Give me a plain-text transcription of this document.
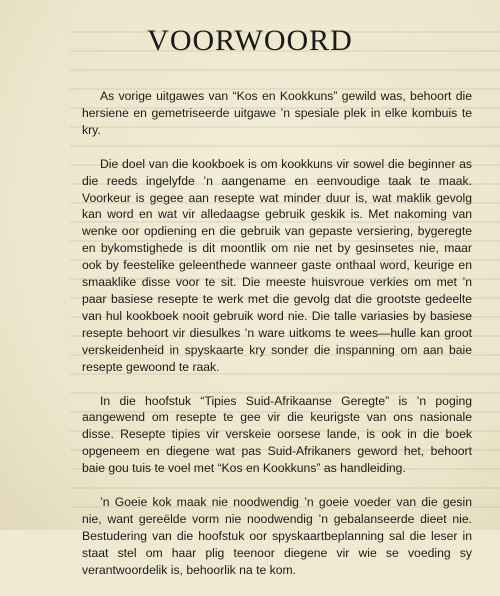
VOORWOORD

As vorige uitgawes van “Kos en Kookkuns” gewild was, behoort die hersiene en gemetriseerde uitgawe ’n spesiale plek in elke kombuis te kry.

Die doel van die kookboek is om kookkuns vir sowel die beginner as die reeds ingelyfde ’n aangename en eenvoudige taak te maak. Voorkeur is gegee aan resepte wat minder duur is, wat maklik gevolg kan word en wat vir alledaagse gebruik geskik is. Met nakoming van wenke oor opdiening en die gebruik van gepaste versiering, bygeregte en bykomstighede is dit moontlik om nie net by gesinsetes nie, maar ook by feestelike geleenthede wanneer gaste onthaal word, keurige en smaaklike disse voor te sit. Die meeste huisvroue verkies om met ’n paar basiese resepte te werk met die gevolg dat die grootste gedeelte van hul kookboek nooit gebruik word nie. Die talle variasies by basiese resepte behoort vir diesulkes ’n ware uitkoms te wees—hulle kan groot verskeidenheid in spyskaarte kry sonder die inspanning om aan baie resepte gewoond te raak.

In die hoofstuk “Tipies Suid-Afrikaanse Geregte” is ’n poging aangewend om resepte te gee vir die keurigste van ons nasionale disse. Resepte tipies vir verskeie oorsese lande, is ook in die boek opgeneem en diegene wat pas Suid-Afrikaners geword het, behoort baie gou tuis te voel met “Kos en Kookkuns” as handleiding.

’n Goeie kok maak nie noodwendig ’n goeie voeder van die gesin nie, want gereëlde vorm nie noodwendig ’n gebalanseerde dieet nie. Bestudering van die hoofstuk oor spyskaartbeplanning sal die leser in staat stel om haar plig teenoor diegene vir wie se voeding sy verantwoordelik is, behoorlik na te kom.
